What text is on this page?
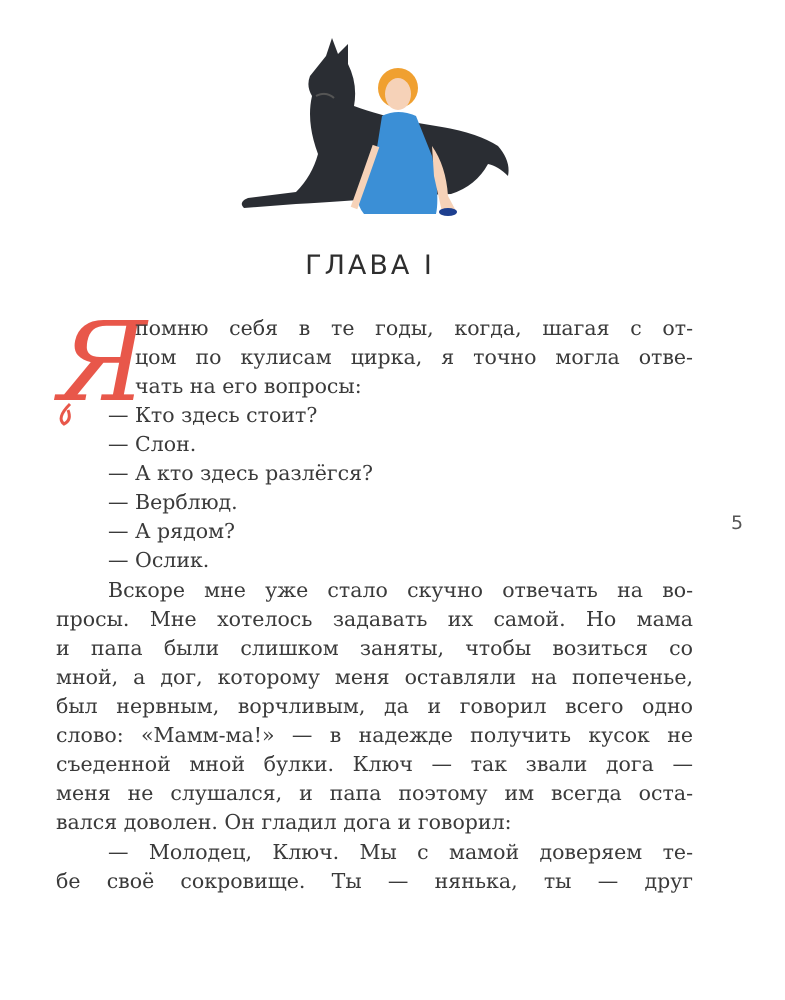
ГЛАВА I
Я
помню себя в те годы, когда, шагая с от-
цом по кулисам цирка, я точно могла отве-
чать на его вопросы:
— Кто здесь стоит?
— Слон.
— А кто здесь разлёгся?
— Верблюд.
— А рядом?
— Ослик.
Вскоре мне уже стало скучно отвечать на во-
просы. Мне хотелось задавать их самой. Но мама
и папа были слишком заняты, чтобы возиться со
мной, а дог, которому меня оставляли на попеченье,
был нервным, ворчливым, да и говорил всего одно
слово: «Мамм-ма!» — в надежде получить кусок не
съеденной мной булки. Ключ — так звали дога —
меня не слушался, и папа поэтому им всегда оста-
вался доволен. Он гладил дога и говорил:
— Молодец, Ключ. Мы с мамой доверяем те-
бе своё сокровище. Ты — нянька, ты — друг
5
